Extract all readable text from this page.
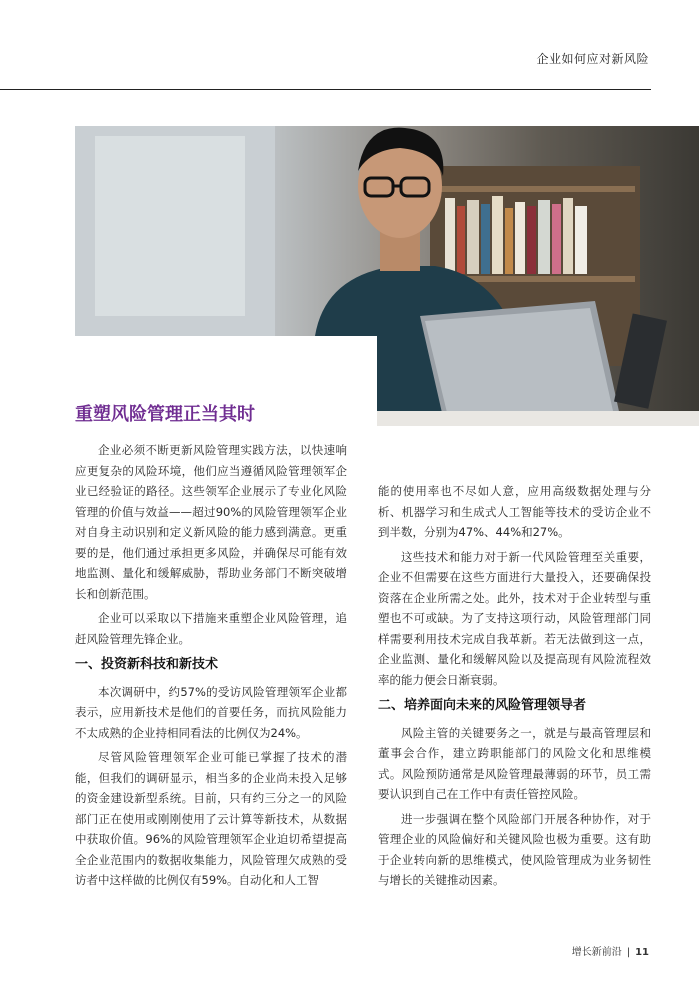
企业如何应对新风险
重塑风险管理正当其时

企业必须不断更新风险管理实践方法，以快速响应更复杂的风险环境，他们应当遵循风险管理领军企业已经验证的路径。这些领军企业展示了专业化风险管理的价值与效益——超过90%的风险管理领军企业对自身主动识别和定义新风险的能力感到满意。更重要的是，他们通过承担更多风险，并确保尽可能有效地监测、量化和缓解威胁，帮助业务部门不断突破增长和创新范围。

企业可以采取以下措施来重塑企业风险管理，追赶风险管理先锋企业。

一、投资新科技和新技术

本次调研中，约57%的受访风险管理领军企业都表示，应用新技术是他们的首要任务，而抗风险能力不太成熟的企业持相同看法的比例仅为24%。

尽管风险管理领军企业可能已掌握了技术的潜能，但我们的调研显示，相当多的企业尚未投入足够的资金建设新型系统。目前，只有约三分之一的风险部门正在使用或刚刚使用了云计算等新技术，从数据中获取价值。96%的风险管理领军企业迫切希望提高全企业范围内的数据收集能力，风险管理欠成熟的受访者中这样做的比例仅有59%。自动化和人工智

能的使用率也不尽如人意，应用高级数据处理与分析、机器学习和生成式人工智能等技术的受访企业不到半数，分别为47%、44%和27%。

这些技术和能力对于新一代风险管理至关重要，企业不但需要在这些方面进行大量投入，还要确保投资落在企业所需之处。此外，技术对于企业转型与重塑也不可或缺。为了支持这项行动，风险管理部门同样需要利用技术完成自我革新。若无法做到这一点，企业监测、量化和缓解风险以及提高现有风险流程效率的能力便会日渐衰弱。

二、培养面向未来的风险管理领导者

风险主管的关键要务之一，就是与最高管理层和董事会合作，建立跨职能部门的风险文化和思维模式。风险预防通常是风险管理最薄弱的环节，员工需要认识到自己在工作中有责任管控风险。

进一步强调在整个风险部门开展各种协作，对于管理企业的风险偏好和关键风险也极为重要。这有助于企业转向新的思维模式，使风险管理成为业务韧性与增长的关键推动因素。

增长新前沿 | 11
